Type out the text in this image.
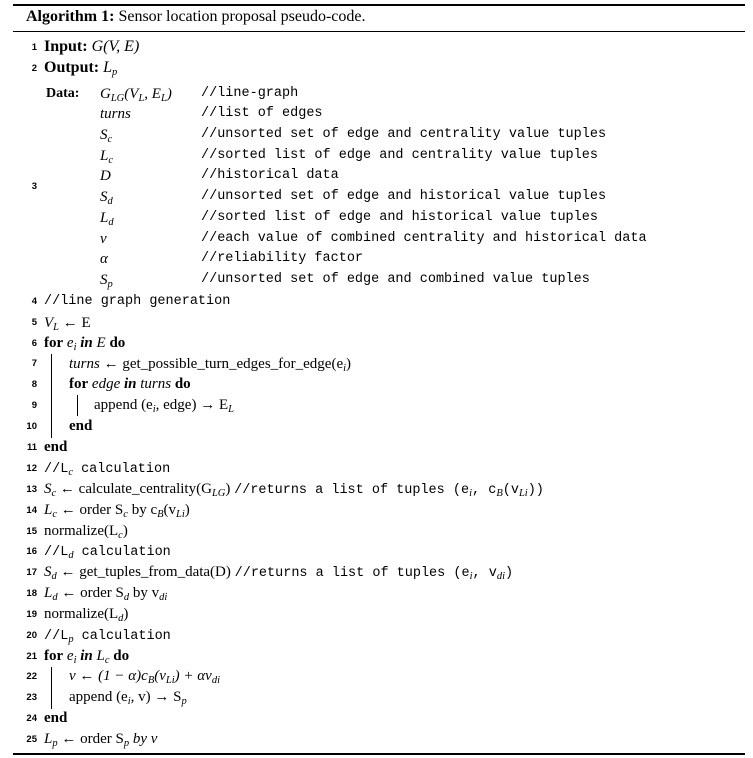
Algorithm 1: Sensor location proposal pseudo-code.
1
2
3
4
5
6
7
8
9
10
11
12
13
14
15
16
17
18
19
20
21
22
23
24
25
Input: G(V, E)
Output: $L_p$
Data: $G_{LG}(V_L$, $E_L$) //line-graph
turns	//list of edges
$S_c$	//unsorted set of edge and centrality value tuples
$L_c$	//sorted list of edge and centrality value tuples
D	//historical data
$S_d$	//unsorted set of edge and historical value tuples
$L_d$	//sorted list of edge and historical value tuples
v	//each value of combined centrality and historical data
α	//reliability factor
$S_p$	//unsorted set of edge and combined value tuples
//line graph generation
$V_L$ ← E
for $e_i$ in E do
turns ← $get\_possible\_turn\_edges\_for\_edge(e_i)$
for edge in turns do
append ($e_i$, edge) → $E_L$
end
end
$//L_c$ calculation
$S_c$ ← $calculate\_centrality(G_{LG})$ //returns a list of tuples ($e_i$, $c_B(v_{Li})$)
$L_c$ ← order $S_c$ by $c_B(v_{Li})$
$normalize(L_c)$
$//L_d$ calculation
$S_d$ ← get_tuples_from_data(D) //returns a list of tuples ($e_i$, $v_{di}$)
$L_d$ ← order $S_d$ by $v_{di}$
$normalize(L_d)$
$//L_p$ calculation
for $e_i$ in $L_c$ do
v ← $(1 - \alpha)c_B(v_{Li}) + \alpha v_{di}$
append ($e_i$, $v) \to S_p$
end
$L_p$ ← order $S_p$ by v
